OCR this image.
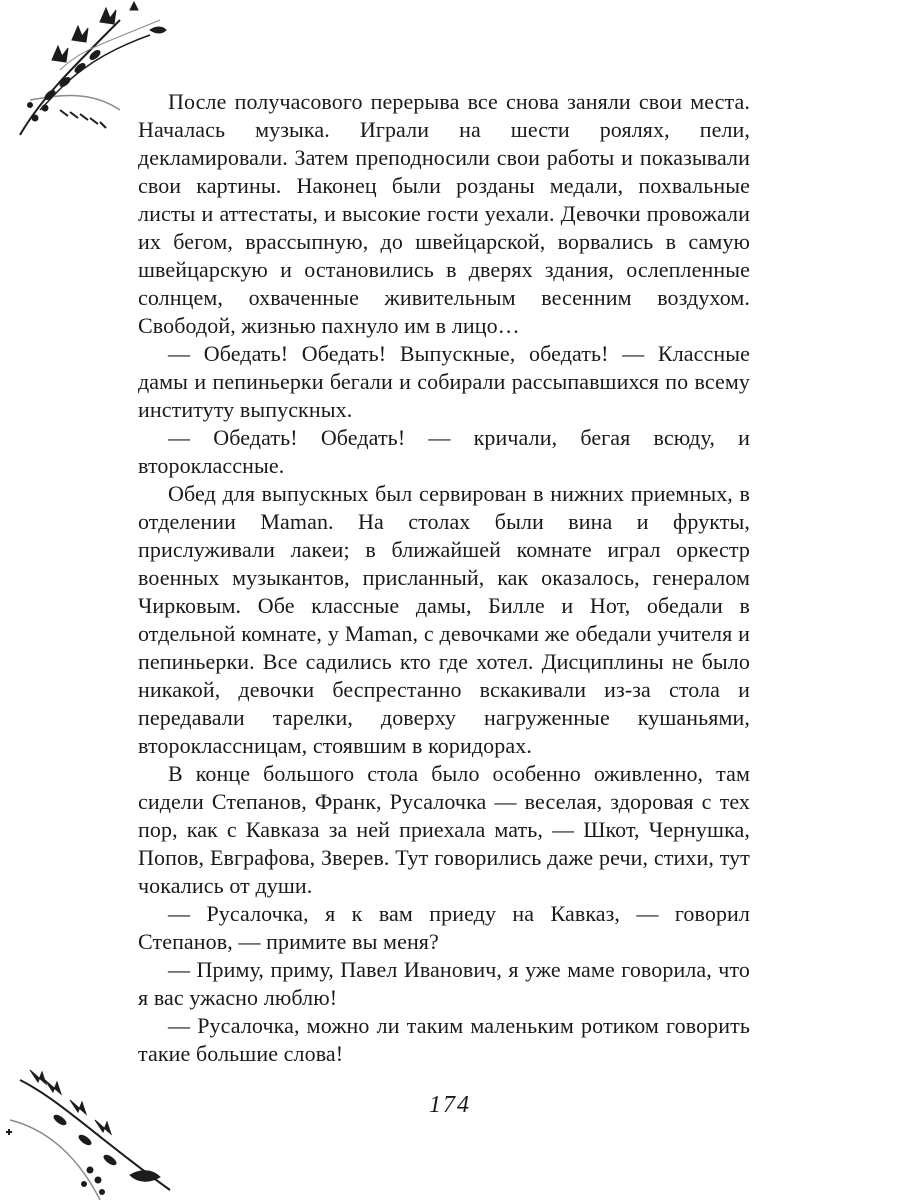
После получасового перерыва все снова заняли свои места. Началась музыка. Играли на шести роялях, пели, декламировали. Затем преподносили свои работы и показывали свои картины. Наконец были розданы медали, похвальные листы и аттестаты, и высокие гости уехали. Девочки провожали их бегом, врассыпную, до швейцарской, ворвались в самую швейцарскую и остановились в дверях здания, ослепленные солнцем, охваченные живительным весенним воздухом. Свободой, жизнью пахнуло им в лицо…

— Обедать! Обедать! Выпускные, обедать! — Классные дамы и пепиньерки бегали и собирали рассыпавшихся по всему институту выпускных.

— Обедать! Обедать! — кричали, бегая всюду, и второклассные.

Обед для выпускных был сервирован в нижних приемных, в отделении Maman. На столах были вина и фрукты, прислуживали лакеи; в ближайшей комнате играл оркестр военных музыкантов, присланный, как оказалось, генералом Чирковым. Обе классные дамы, Билле и Нот, обедали в отдельной комнате, у Maman, с девочками же обедали учителя и пепиньерки. Все садились кто где хотел. Дисциплины не было никакой, девочки беспрестанно вскакивали из-за стола и передавали тарелки, доверху нагруженные кушаньями, второклассницам, стоявшим в коридорах.

В конце большого стола было особенно оживленно, там сидели Степанов, Франк, Русалочка — веселая, здоровая с тех пор, как с Кавказа за ней приехала мать, — Шкот, Чернушка, Попов, Евграфова, Зверев. Тут говорились даже речи, стихи, тут чокались от души.

— Русалочка, я к вам приеду на Кавказ, — говорил Степанов, — примите вы меня?

— Приму, приму, Павел Иванович, я уже маме говорила, что я вас ужасно люблю!

— Русалочка, можно ли таким маленьким ротиком говорить такие большие слова!

174
